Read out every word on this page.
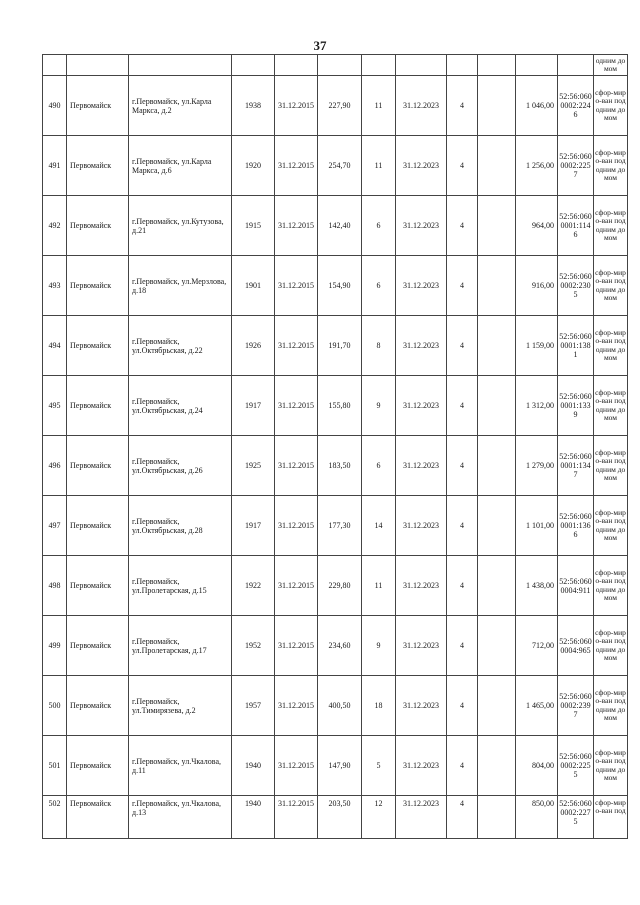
37
												одним домом
490	Первомайск	г.Первомайск, ул.Карла Маркса, д.2	1938	31.12.2015	227,90	11	31.12.2023	4		1 046,00	52:56:0600002:2246	сфор-миро-ван под одним домом
491	Первомайск	г.Первомайск, ул.Карла Маркса, д.6	1920	31.12.2015	254,70	11	31.12.2023	4		1 256,00	52:56:0600002:2257	сфор-миро-ван под одним домом
492	Первомайск	г.Первомайск, ул.Кутузова, д.21	1915	31.12.2015	142,40	6	31.12.2023	4		964,00	52:56:0600001:1146	сфор-миро-ван под одним домом
493	Первомайск	г.Первомайск, ул.Мерзлова, д.18	1901	31.12.2015	154,90	6	31.12.2023	4		916,00	52:56:0600002:2305	сфор-миро-ван под одним домом
494	Первомайск	г.Первомайск, ул.Октябрьская, д.22	1926	31.12.2015	191,70	8	31.12.2023	4		1 159,00	52:56:0600001:1381	сфор-миро-ван под одним домом
495	Первомайск	г.Первомайск, ул.Октябрьская, д.24	1917	31.12.2015	155,80	9	31.12.2023	4		1 312,00	52:56:0600001:1339	сфор-миро-ван под одним домом
496	Первомайск	г.Первомайск, ул.Октябрьская, д.26	1925	31.12.2015	183,50	6	31.12.2023	4		1 279,00	52:56:0600001:1347	сфор-миро-ван под одним домом
497	Первомайск	г.Первомайск, ул.Октябрьская, д.28	1917	31.12.2015	177,30	14	31.12.2023	4		1 101,00	52:56:0600001:1366	сфор-миро-ван под одним домом
498	Первомайск	г.Первомайск, ул.Пролетарская, д.15	1922	31.12.2015	229,80	11	31.12.2023	4		1 438,00	52:56:0600004:911	сфор-миро-ван под одним домом
499	Первомайск	г.Первомайск, ул.Пролетарская, д.17	1952	31.12.2015	234,60	9	31.12.2023	4		712,00	52:56:0600004:965	сфор-миро-ван под одним домом
500	Первомайск	г.Первомайск, ул.Тимирязева, д.2	1957	31.12.2015	400,50	18	31.12.2023	4		1 465,00	52:56:0600002:2397	сфор-миро-ван под одним домом
501	Первомайск	г.Первомайск, ул.Чкалова, д.11	1940	31.12.2015	147,90	5	31.12.2023	4		804,00	52:56:0600002:2255	сфор-миро-ван под одним домом
502	Первомайск	г.Первомайск, ул.Чкалова, д.13	1940	31.12.2015	203,50	12	31.12.2023	4		850,00	52:56:0600002:2275	сфор-миро-ван под
